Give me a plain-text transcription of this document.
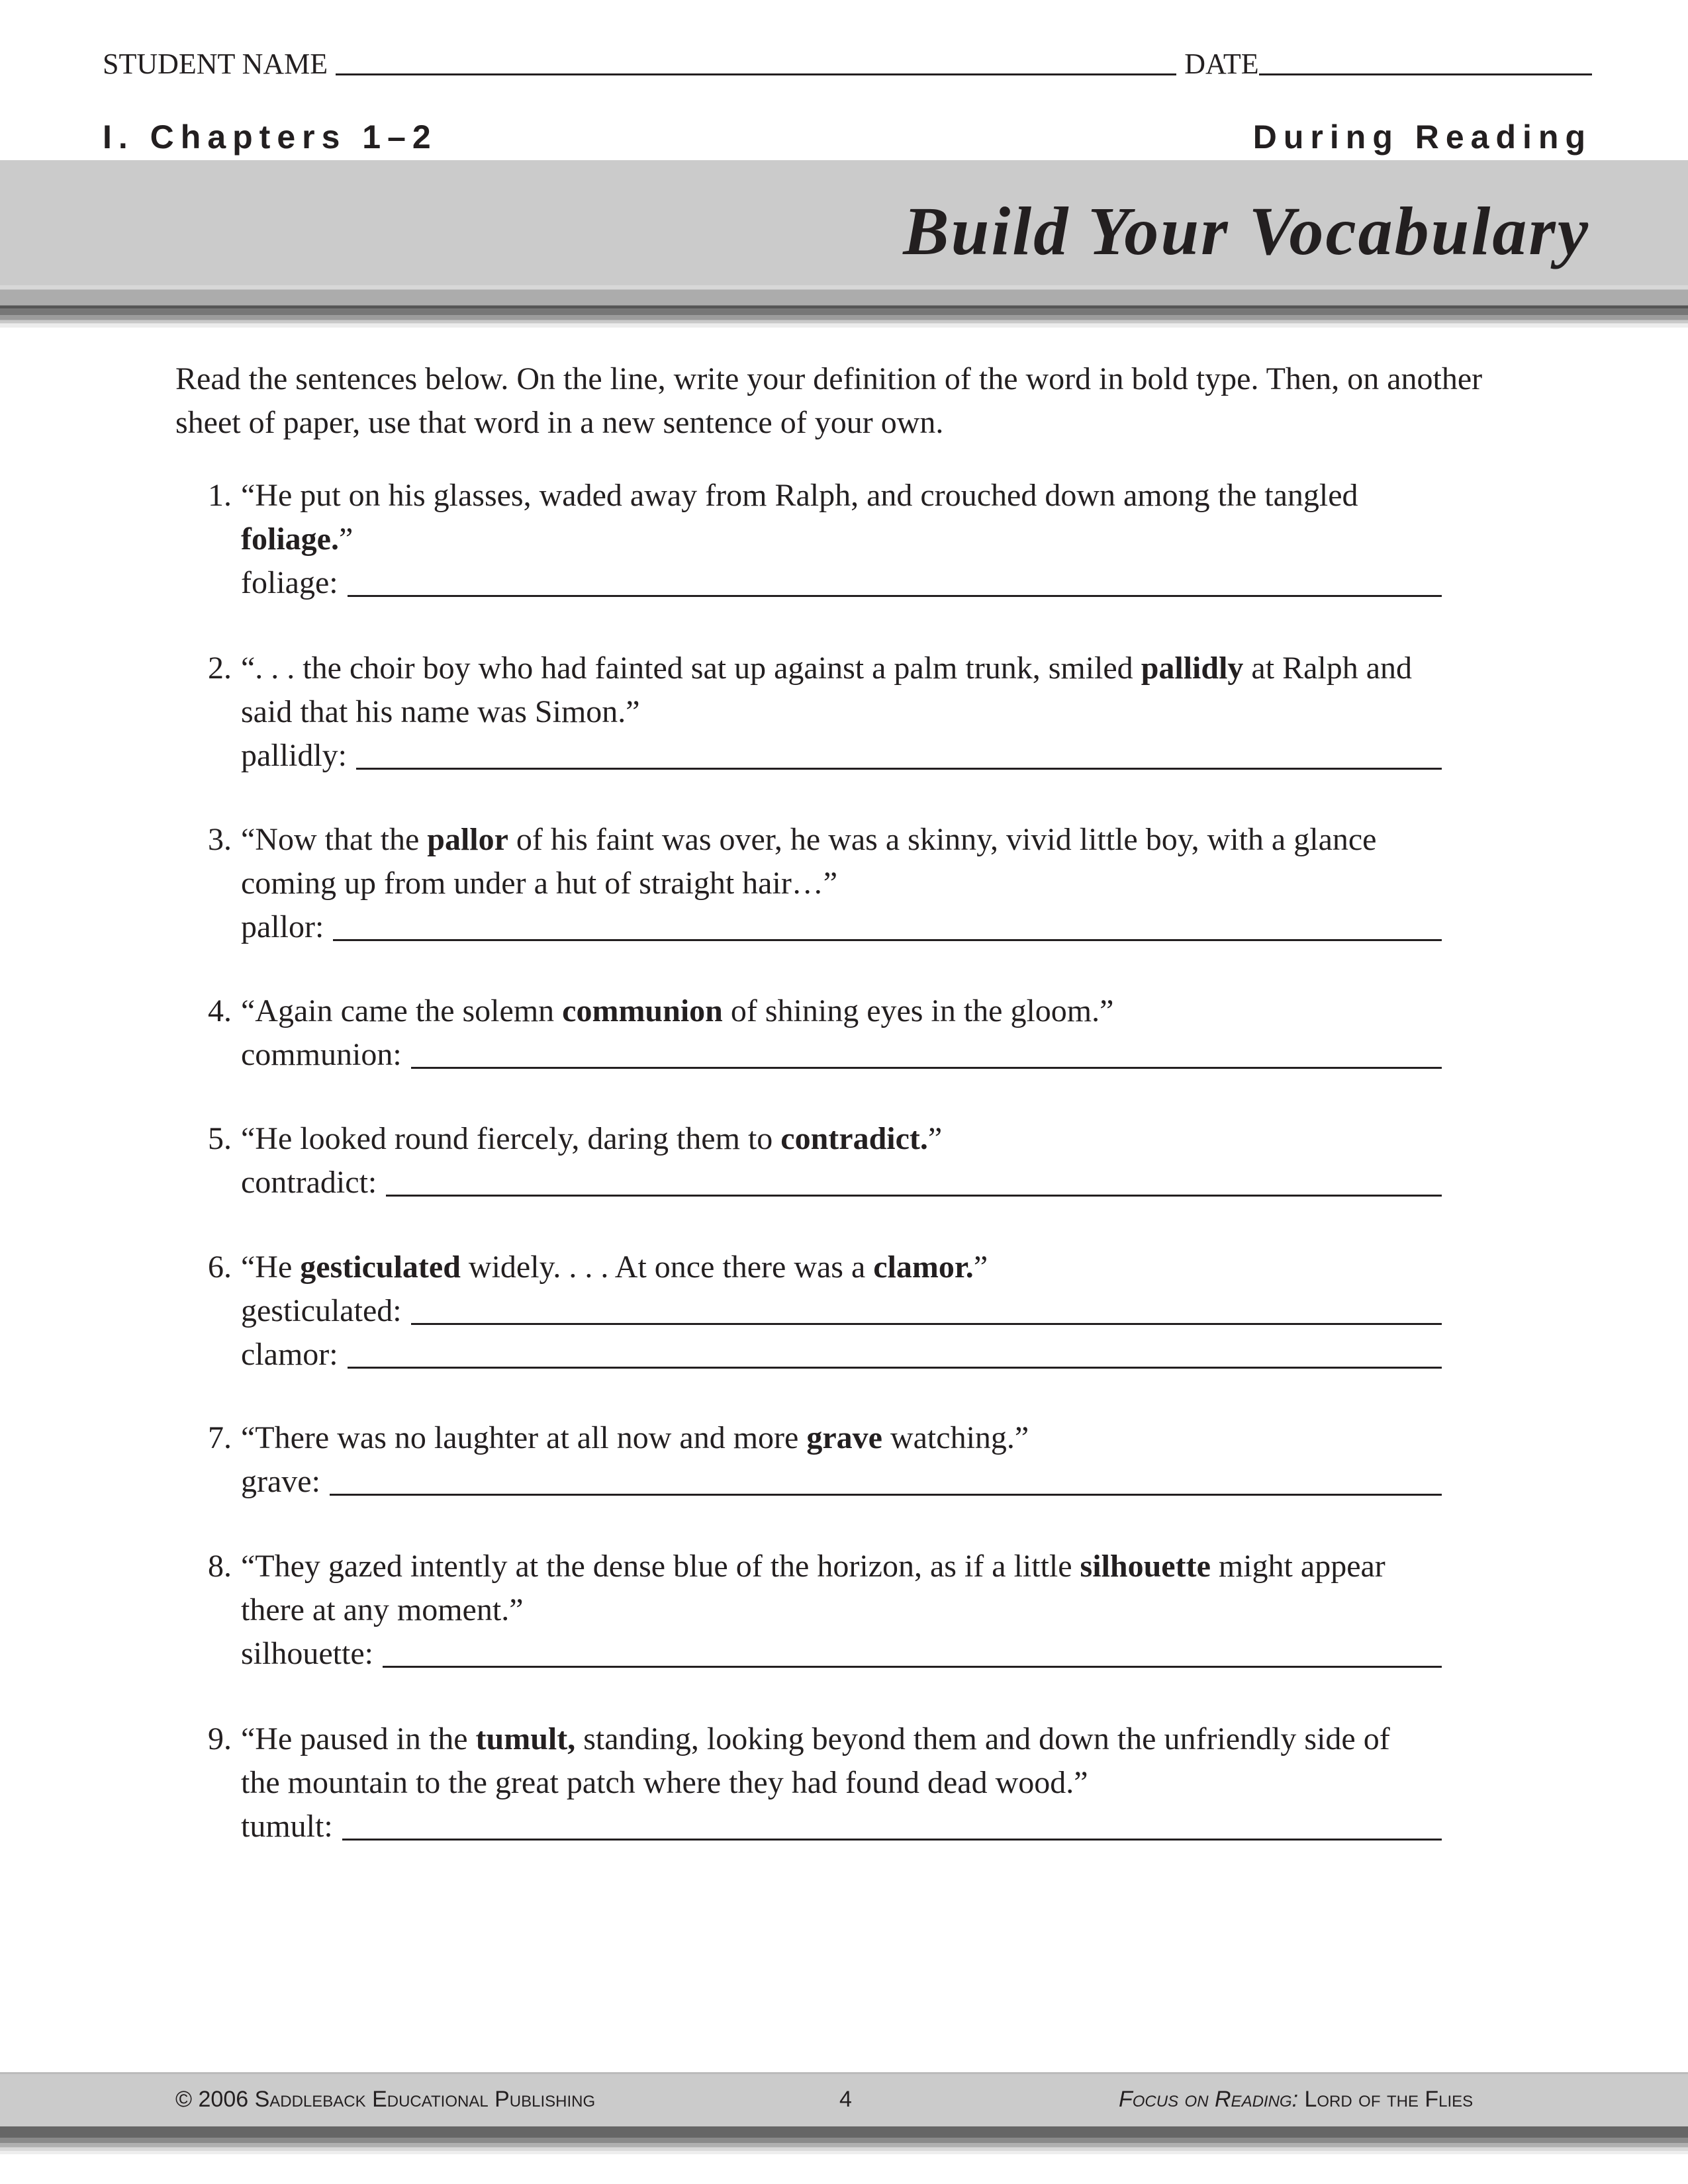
STUDENT NAME	DATE
I. Chapters 1–2	During Reading
Build Your Vocabulary
Read the sentences below. On the line, write your definition of the word in bold type. Then, on another sheet of paper, use that word in a new sentence of your own.
1. “He put on his glasses, waded away from Ralph, and crouched down among the tangled
foliage.”
foliage:
2. “. . . the choir boy who had fainted sat up against a palm trunk, smiled pallidly at Ralph and
said that his name was Simon.”
pallidly:
3. “Now that the pallor of his faint was over, he was a skinny, vivid little boy, with a glance
coming up from under a hut of straight hair…”
pallor:
4. “Again came the solemn communion of shining eyes in the gloom.”
communion:
5. “He looked round fiercely, daring them to contradict.”
contradict:
6. “He gesticulated widely. . . . At once there was a clamor.”
gesticulated:
clamor:
7. “There was no laughter at all now and more grave watching.”
grave:
8. “They gazed intently at the dense blue of the horizon, as if a little silhouette might appear
there at any moment.”
silhouette:
9. “He paused in the tumult, standing, looking beyond them and down the unfriendly side of
the mountain to the great patch where they had found dead wood.”
tumult:
© 2006 Saddleback Educational Publishing	4	Focus on Reading: Lord of the Flies
